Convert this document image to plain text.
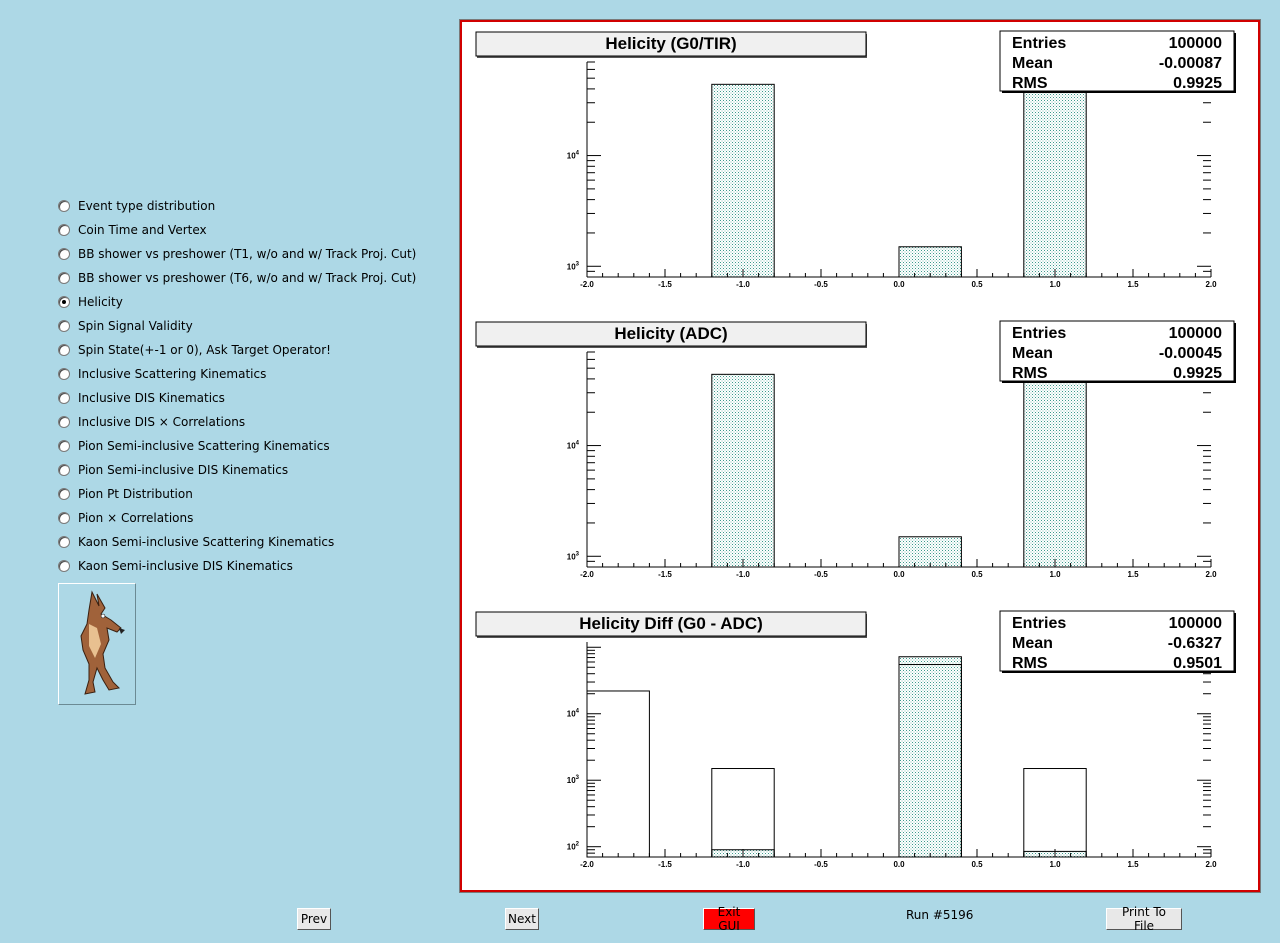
Event type distribution
Coin Time and Vertex
BB shower vs preshower (T1, w/o and w/ Track Proj. Cut)
BB shower vs preshower (T6, w/o and w/ Track Proj. Cut)
Helicity
Spin Signal Validity
Spin State(+-1 or 0), Ask Target Operator!
Inclusive Scattering Kinematics
Inclusive DIS Kinematics
Inclusive DIS × Correlations
Pion Semi-inclusive Scattering Kinematics
Pion Semi-inclusive DIS Kinematics
Pion Pt Distribution
Pion × Correlations
Kaon Semi-inclusive Scattering Kinematics
Kaon Semi-inclusive DIS Kinematics
$10^3$
$10^4$
-2.0	-1.5	-1.0	-0.5	0.0	0.5	1.0	1.5	2.0
Helicity (G0/TIR)	Entries	100000
Mean	-0.00087
RMS	0.9925
$10^3$
$10^4$
-2.0	-1.5	-1.0	-0.5	0.0	0.5	1.0	1.5	2.0
Helicity (ADC)	Entries	100000
Mean	-0.00045
RMS	0.9925
$10^2$
$10^3$
$10^4$
-2.0	-1.5	-1.0	-0.5	0.0	0.5	1.0	1.5	2.0
Helicity Diff (G0 - ADC)	Entries	100000
Mean	-0.6327
RMS	0.9501
Prev	Next	Exit GUI
Run #5196	Print To File
